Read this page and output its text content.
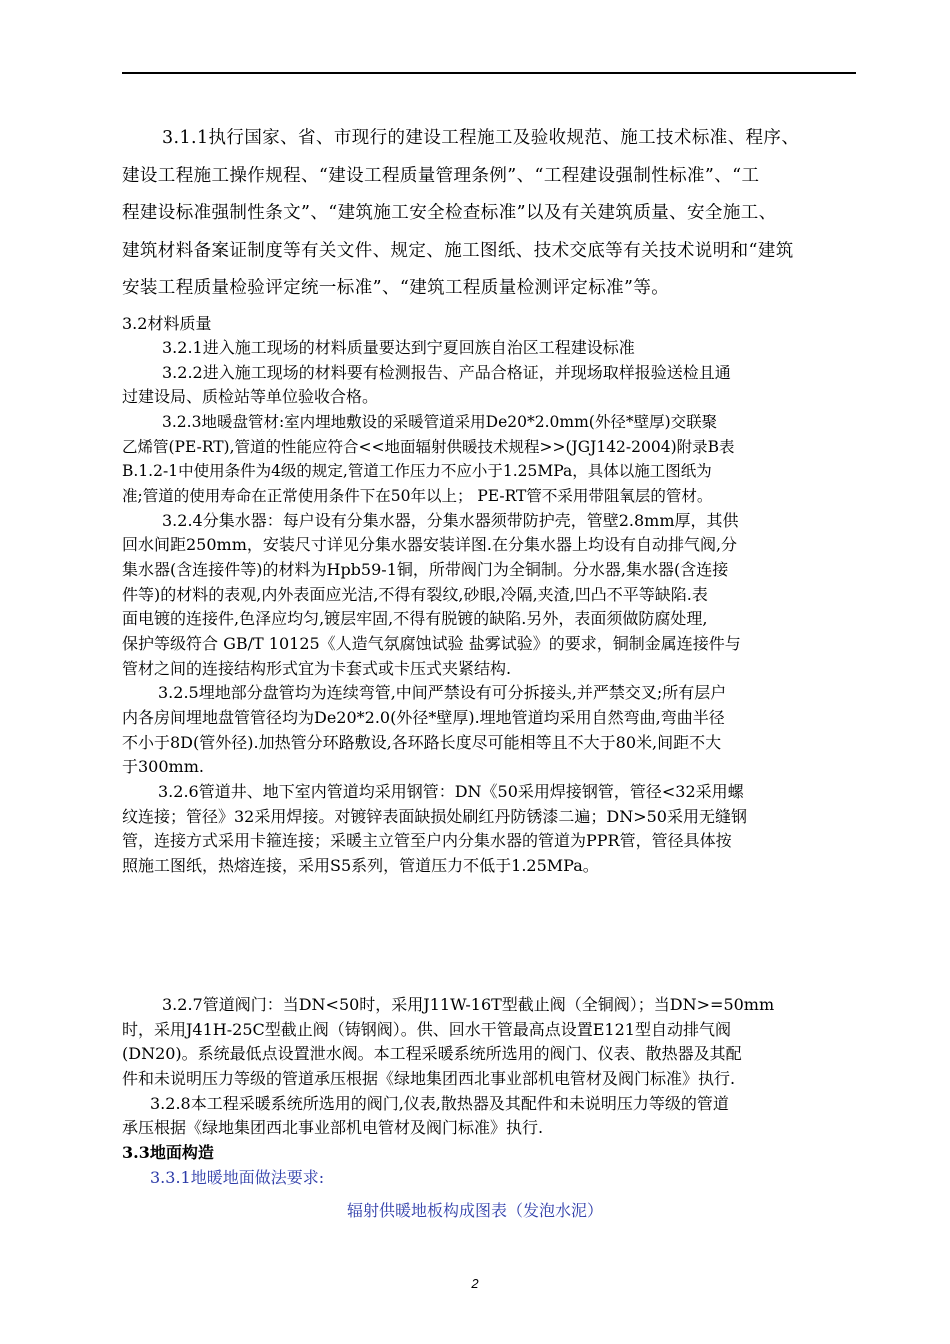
3.1.1执行国家、省、市现行的建设工程施工及验收规范、施工技术标准、程序、
建设工程施工操作规程、“建设工程质量管理条例”、“工程建设强制性标准”、“工
程建设标准强制性条文”、“建筑施工安全检查标准”以及有关建筑质量、安全施工、
建筑材料备案证制度等有关文件、规定、施工图纸、技术交底等有关技术说明和“建筑
安装工程质量检验评定统一标准”、“建筑工程质量检测评定标准”等。
3.2材料质量
3.2.1进入施工现场的材料质量要达到宁夏回族自治区工程建设标准
3.2.2进入施工现场的材料要有检测报告、产品合格证，并现场取样报验送检且通
过建设局、质检站等单位验收合格。
3.2.3地暖盘管材:室内埋地敷设的采暖管道采用De20*2.0mm(外径*壁厚)交联聚
乙烯管(PE-RT),管道的性能应符合<<地面辐射供暖技术规程>>(JGJ142-2004)附录B表
B.1.2-1中使用条件为4级的规定,管道工作压力不应小于1.25MPa，具体以施工图纸为
准;管道的使用寿命在正常使用条件下在50年以上； PE-RT管不采用带阻氧层的管材。
3.2.4分集水器：每户设有分集水器，分集水器须带防护壳，管壁2.8mm厚，其供
回水间距250mm，安装尺寸详见分集水器安装详图.在分集水器上均设有自动排气阀,分
集水器(含连接件等)的材料为Hpb59-1铜，所带阀门为全铜制。分水器,集水器(含连接
件等)的材料的表观,内外表面应光洁,不得有裂纹,砂眼,冷隔,夹渣,凹凸不平等缺陷.表
面电镀的连接件,色泽应均匀,镀层牢固,不得有脱镀的缺陷.另外，表面须做防腐处理,
保护等级符合 GB/T 10125《人造气氛腐蚀试验 盐雾试验》的要求，铜制金属连接件与
管材之间的连接结构形式宜为卡套式或卡压式夹紧结构.
3.2.5埋地部分盘管均为连续弯管,中间严禁设有可分拆接头,并严禁交叉;所有层户
内各房间埋地盘管管径均为De20*2.0(外径*壁厚).埋地管道均采用自然弯曲,弯曲半径
不小于8D(管外径).加热管分环路敷设,各环路长度尽可能相等且不大于80米,间距不大
于300mm.
3.2.6管道井、地下室内管道均采用钢管：DN《50采用焊接钢管，管径<32采用螺
纹连接；管径》32采用焊接。对镀锌表面缺损处刷红丹防锈漆二遍；DN>50采用无缝钢
管，连接方式采用卡箍连接；采暖主立管至户内分集水器的管道为PPR管，管径具体按
照施工图纸，热熔连接，采用S5系列，管道压力不低于1.25MPa。
3.2.7管道阀门：当DN<50时，采用J11W-16T型截止阀（全铜阀）；当DN>=50mm
时，采用J41H-25C型截止阀（铸钢阀）。供、回水干管最高点设置E121型自动排气阀
(DN20)。系统最低点设置泄水阀。本工程采暖系统所选用的阀门、仪表、散热器及其配
件和未说明压力等级的管道承压根据《绿地集团西北事业部机电管材及阀门标准》执行.
3.2.8本工程采暖系统所选用的阀门,仪表,散热器及其配件和未说明压力等级的管道
承压根据《绿地集团西北事业部机电管材及阀门标准》执行.
3.3地面构造
3.3.1地暖地面做法要求:
辐射供暖地板构成图表（发泡水泥）
2
